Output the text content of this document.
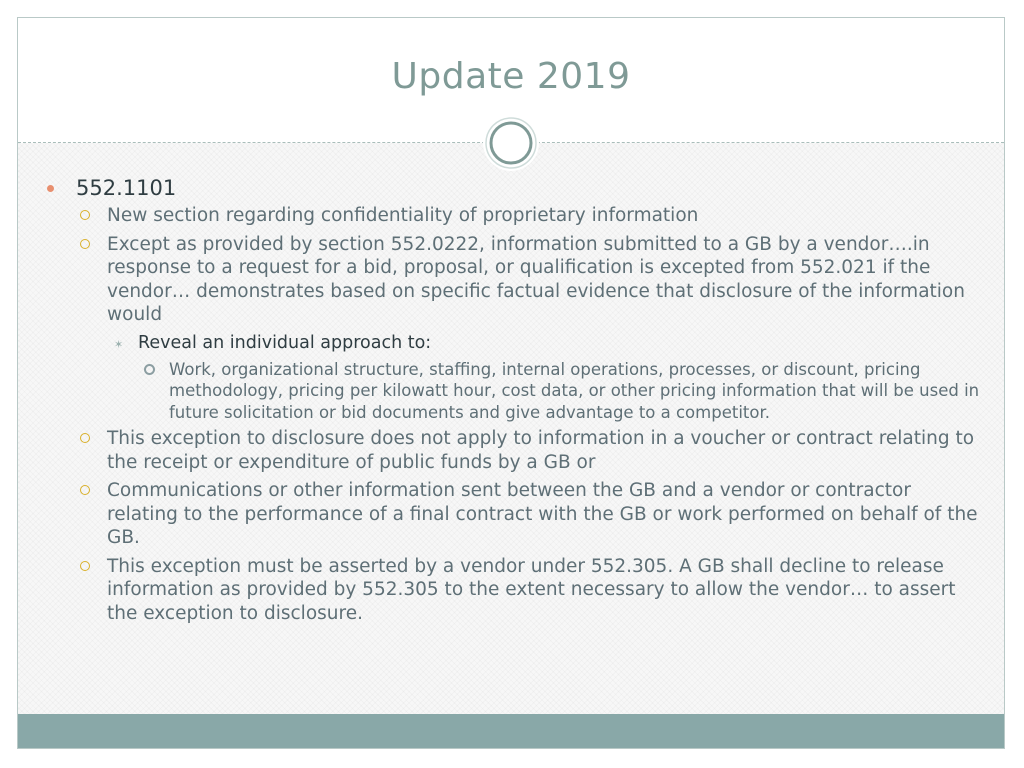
Update 2019
552.1101
New section regarding confidentiality of proprietary information
Except as provided by section 552.0222, information submitted to a GB by a vendor….in response to a request for a bid, proposal, or qualification is excepted from 552.021 if the vendor… demonstrates based on specific factual evidence that disclosure of the information would
✶ Reveal an individual approach to:
Work, organizational structure, staffing, internal operations, processes, or discount, pricing methodology, pricing per kilowatt hour, cost data, or other pricing information that will be used in future solicitation or bid documents and give advantage to a competitor.
This exception to disclosure does not apply to information in a voucher or contract relating to the receipt or expenditure of public funds by a GB or
Communications or other information sent between the GB and a vendor or contractor relating to the performance of a final contract with the GB or work performed on behalf of the GB.
This exception must be asserted by a vendor under 552.305. A GB shall decline to release information as provided by 552.305 to the extent necessary to allow the vendor… to assert the exception to disclosure.
